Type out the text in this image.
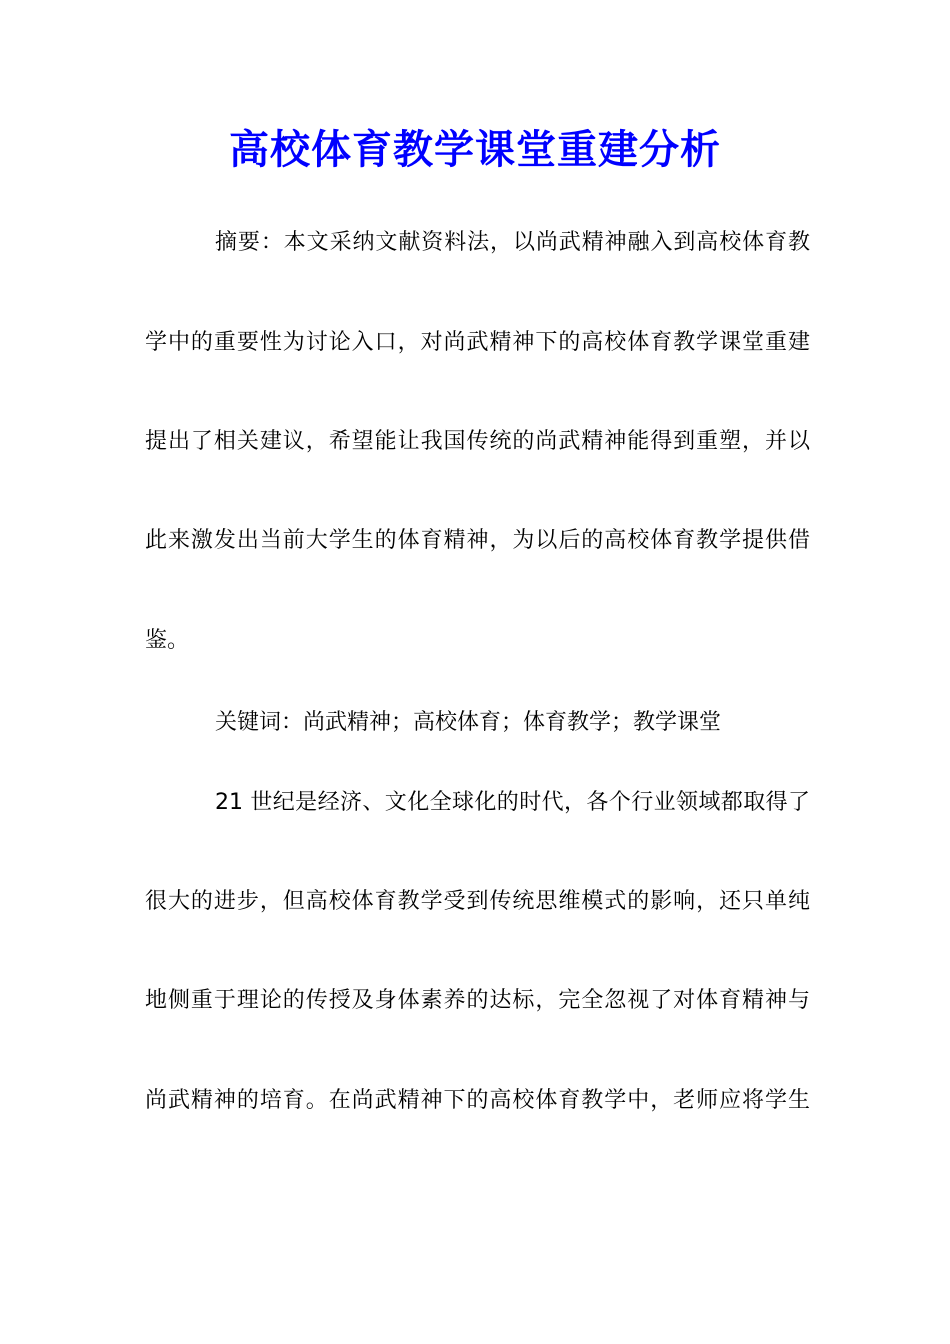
高校体育教学课堂重建分析
摘要：本文采纳文献资料法，以尚武精神融入到高校体育教
学中的重要性为讨论入口，对尚武精神下的高校体育教学课堂重建
提出了相关建议，希望能让我国传统的尚武精神能得到重塑，并以
此来激发出当前大学生的体育精神，为以后的高校体育教学提供借
鉴。
关键词：尚武精神；高校体育；体育教学；教学课堂
21 世纪是经济、文化全球化的时代，各个行业领域都取得了
很大的进步，但高校体育教学受到传统思维模式的影响，还只单纯
地侧重于理论的传授及身体素养的达标，完全忽视了对体育精神与
尚武精神的培育。在尚武精神下的高校体育教学中，老师应将学生
